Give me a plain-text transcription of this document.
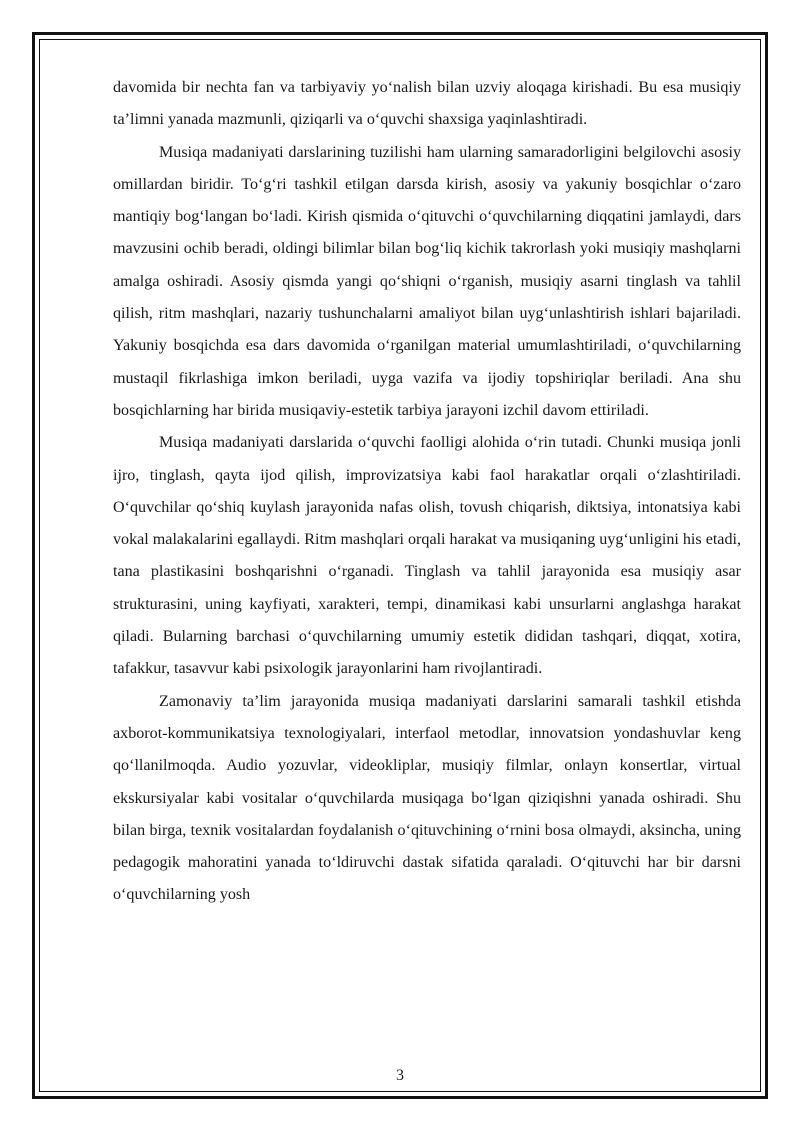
davomida bir nechta fan va tarbiyaviy yo‘nalish bilan uzviy aloqaga kirishadi. Bu esa musiqiy ta’limni yanada mazmunli, qiziqarli va o‘quvchi shaxsiga yaqinlashtiradi.

Musiqa madaniyati darslarining tuzilishi ham ularning samaradorligini belgilovchi asosiy omillardan biridir. To‘g‘ri tashkil etilgan darsda kirish, asosiy va yakuniy bosqichlar o‘zaro mantiqiy bog‘langan bo‘ladi. Kirish qismida o‘qituvchi o‘quvchilarning diqqatini jamlaydi, dars mavzusini ochib beradi, oldingi bilimlar bilan bog‘liq kichik takrorlash yoki musiqiy mashqlarni amalga oshiradi. Asosiy qismda yangi qo‘shiqni o‘rganish, musiqiy asarni tinglash va tahlil qilish, ritm mashqlari, nazariy tushunchalarni amaliyot bilan uyg‘unlashtirish ishlari bajariladi. Yakuniy bosqichda esa dars davomida o‘rganilgan material umumlashtiriladi, o‘quvchilarning mustaqil fikrlashiga imkon beriladi, uyga vazifa va ijodiy topshiriqlar beriladi. Ana shu bosqichlarning har birida musiqaviy-estetik tarbiya jarayoni izchil davom ettiriladi.

Musiqa madaniyati darslarida o‘quvchi faolligi alohida o‘rin tutadi. Chunki musiqa jonli ijro, tinglash, qayta ijod qilish, improvizatsiya kabi faol harakatlar orqali o‘zlashtiriladi. O‘quvchilar qo‘shiq kuylash jarayonida nafas olish, tovush chiqarish, diktsiya, intonatsiya kabi vokal malakalarini egallaydi. Ritm mashqlari orqali harakat va musiqaning uyg‘unligini his etadi, tana plastikasini boshqarishni o‘rganadi. Tinglash va tahlil jarayonida esa musiqiy asar strukturasini, uning kayfiyati, xarakteri, tempi, dinamikasi kabi unsurlarni anglashga harakat qiladi. Bularning barchasi o‘quvchilarning umumiy estetik dididan tashqari, diqqat, xotira, tafakkur, tasavvur kabi psixologik jarayonlarini ham rivojlantiradi.

Zamonaviy ta’lim jarayonida musiqa madaniyati darslarini samarali tashkil etishda axborot-kommunikatsiya texnologiyalari, interfaol metodlar, innovatsion yondashuvlar keng qo‘llanilmoqda. Audio yozuvlar, videokliplar, musiqiy filmlar, onlayn konsertlar, virtual ekskursiyalar kabi vositalar o‘quvchilarda musiqaga bo‘lgan qiziqishni yanada oshiradi. Shu bilan birga, texnik vositalardan foydalanish o‘qituvchining o‘rnini bosa olmaydi, aksincha, uning pedagogik mahoratini yanada to‘ldiruvchi dastak sifatida qaraladi. O‘qituvchi har bir darsni o‘quvchilarning yosh

3
